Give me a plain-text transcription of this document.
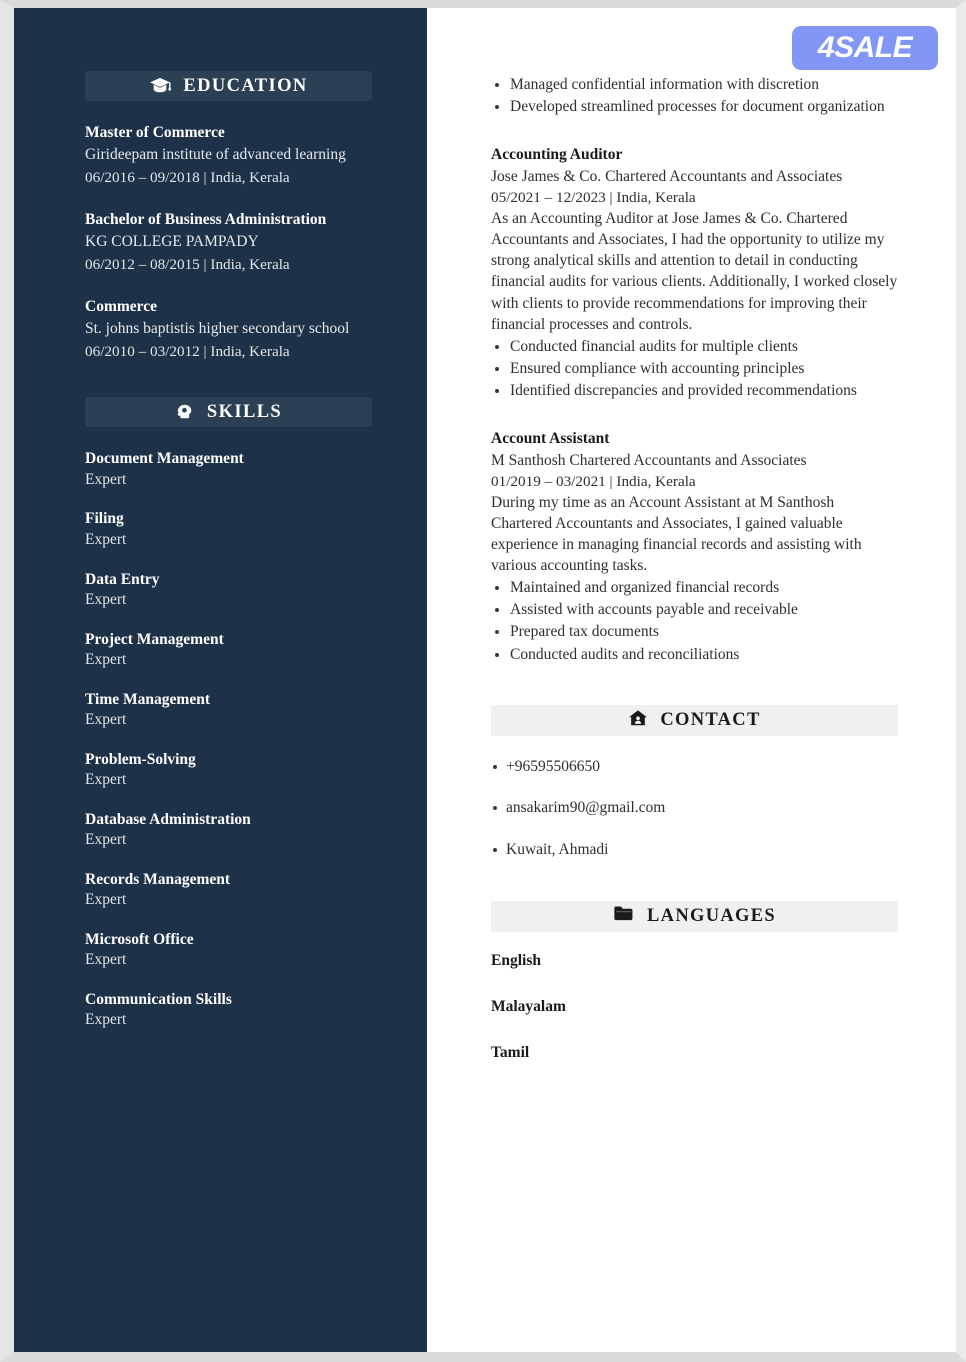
EDUCATION
Master of Commerce
Girideepam institute of advanced learning
06/2016 – 09/2018 | India, Kerala
Bachelor of Business Administration
KG COLLEGE PAMPADY
06/2012 – 08/2015 | India, Kerala
Commerce
St. johns baptistis higher secondary school
06/2010 – 03/2012 | India, Kerala
SKILLS
Document Management
Expert
Filing
Expert
Data Entry
Expert
Project Management
Expert
Time Management
Expert
Problem-Solving
Expert
Database Administration
Expert
Records Management
Expert
Microsoft Office
Expert
Communication Skills
Expert
Managed confidential information with discretion
Developed streamlined processes for document organization
Accounting Auditor
Jose James & Co. Chartered Accountants and Associates
05/2021 – 12/2023 | India, Kerala

As an Accounting Auditor at Jose James & Co. Chartered Accountants and Associates, I had the opportunity to utilize my strong analytical skills and attention to detail in conducting financial audits for various clients. Additionally, I worked closely with clients to provide recommendations for improving their financial processes and controls.

Conducted financial audits for multiple clients
Ensured compliance with accounting principles
Identified discrepancies and provided recommendations
Account Assistant
M Santhosh Chartered Accountants and Associates
01/2019 – 03/2021 | India, Kerala

During my time as an Account Assistant at M Santhosh Chartered Accountants and Associates, I gained valuable experience in managing financial records and assisting with various accounting tasks.

Maintained and organized financial records
Assisted with accounts payable and receivable
Prepared tax documents
Conducted audits and reconciliations
CONTACT
+96595506650
ansakarim90@gmail.com
Kuwait, Ahmadi
LANGUAGES
English
Malayalam
Tamil
4SALE
